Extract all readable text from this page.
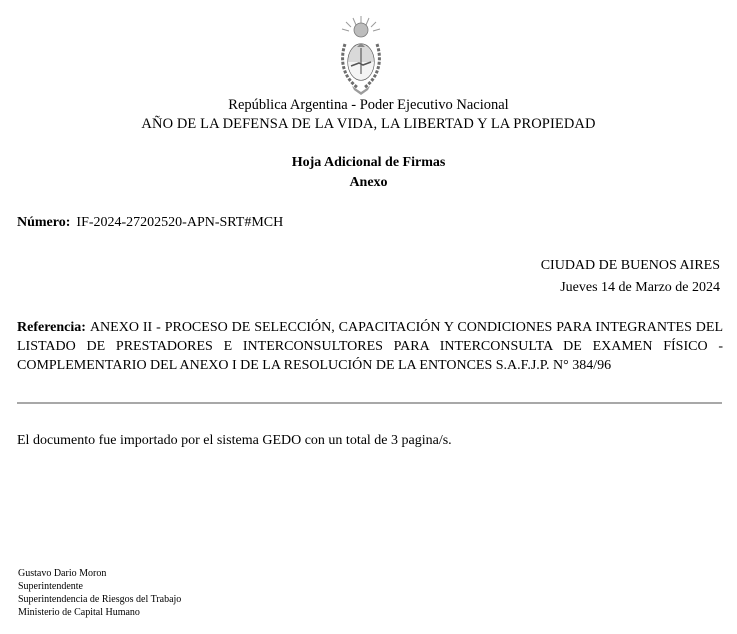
República Argentina - Poder Ejecutivo Nacional
AÑO DE LA DEFENSA DE LA VIDA, LA LIBERTAD Y LA PROPIEDAD
Hoja Adicional de Firmas
Anexo
Número: IF-2024-27202520-APN-SRT#MCH
CIUDAD DE BUENOS AIRES
Jueves 14 de Marzo de 2024
Referencia: ANEXO II - PROCESO DE SELECCIÓN, CAPACITACIÓN Y CONDICIONES PARA INTEGRANTES DEL LISTADO DE PRESTADORES E INTERCONSULTORES PARA INTERCONSULTA DE EXAMEN FÍSICO - COMPLEMENTARIO DEL ANEXO I DE LA RESOLUCIÓN DE LA ENTONCES S.A.F.J.P. N° 384/96
El documento fue importado por el sistema GEDO con un total de 3 pagina/s.
Gustavo Dario Moron
Superintendente
Superintendencia de Riesgos del Trabajo
Ministerio de Capital Humano
